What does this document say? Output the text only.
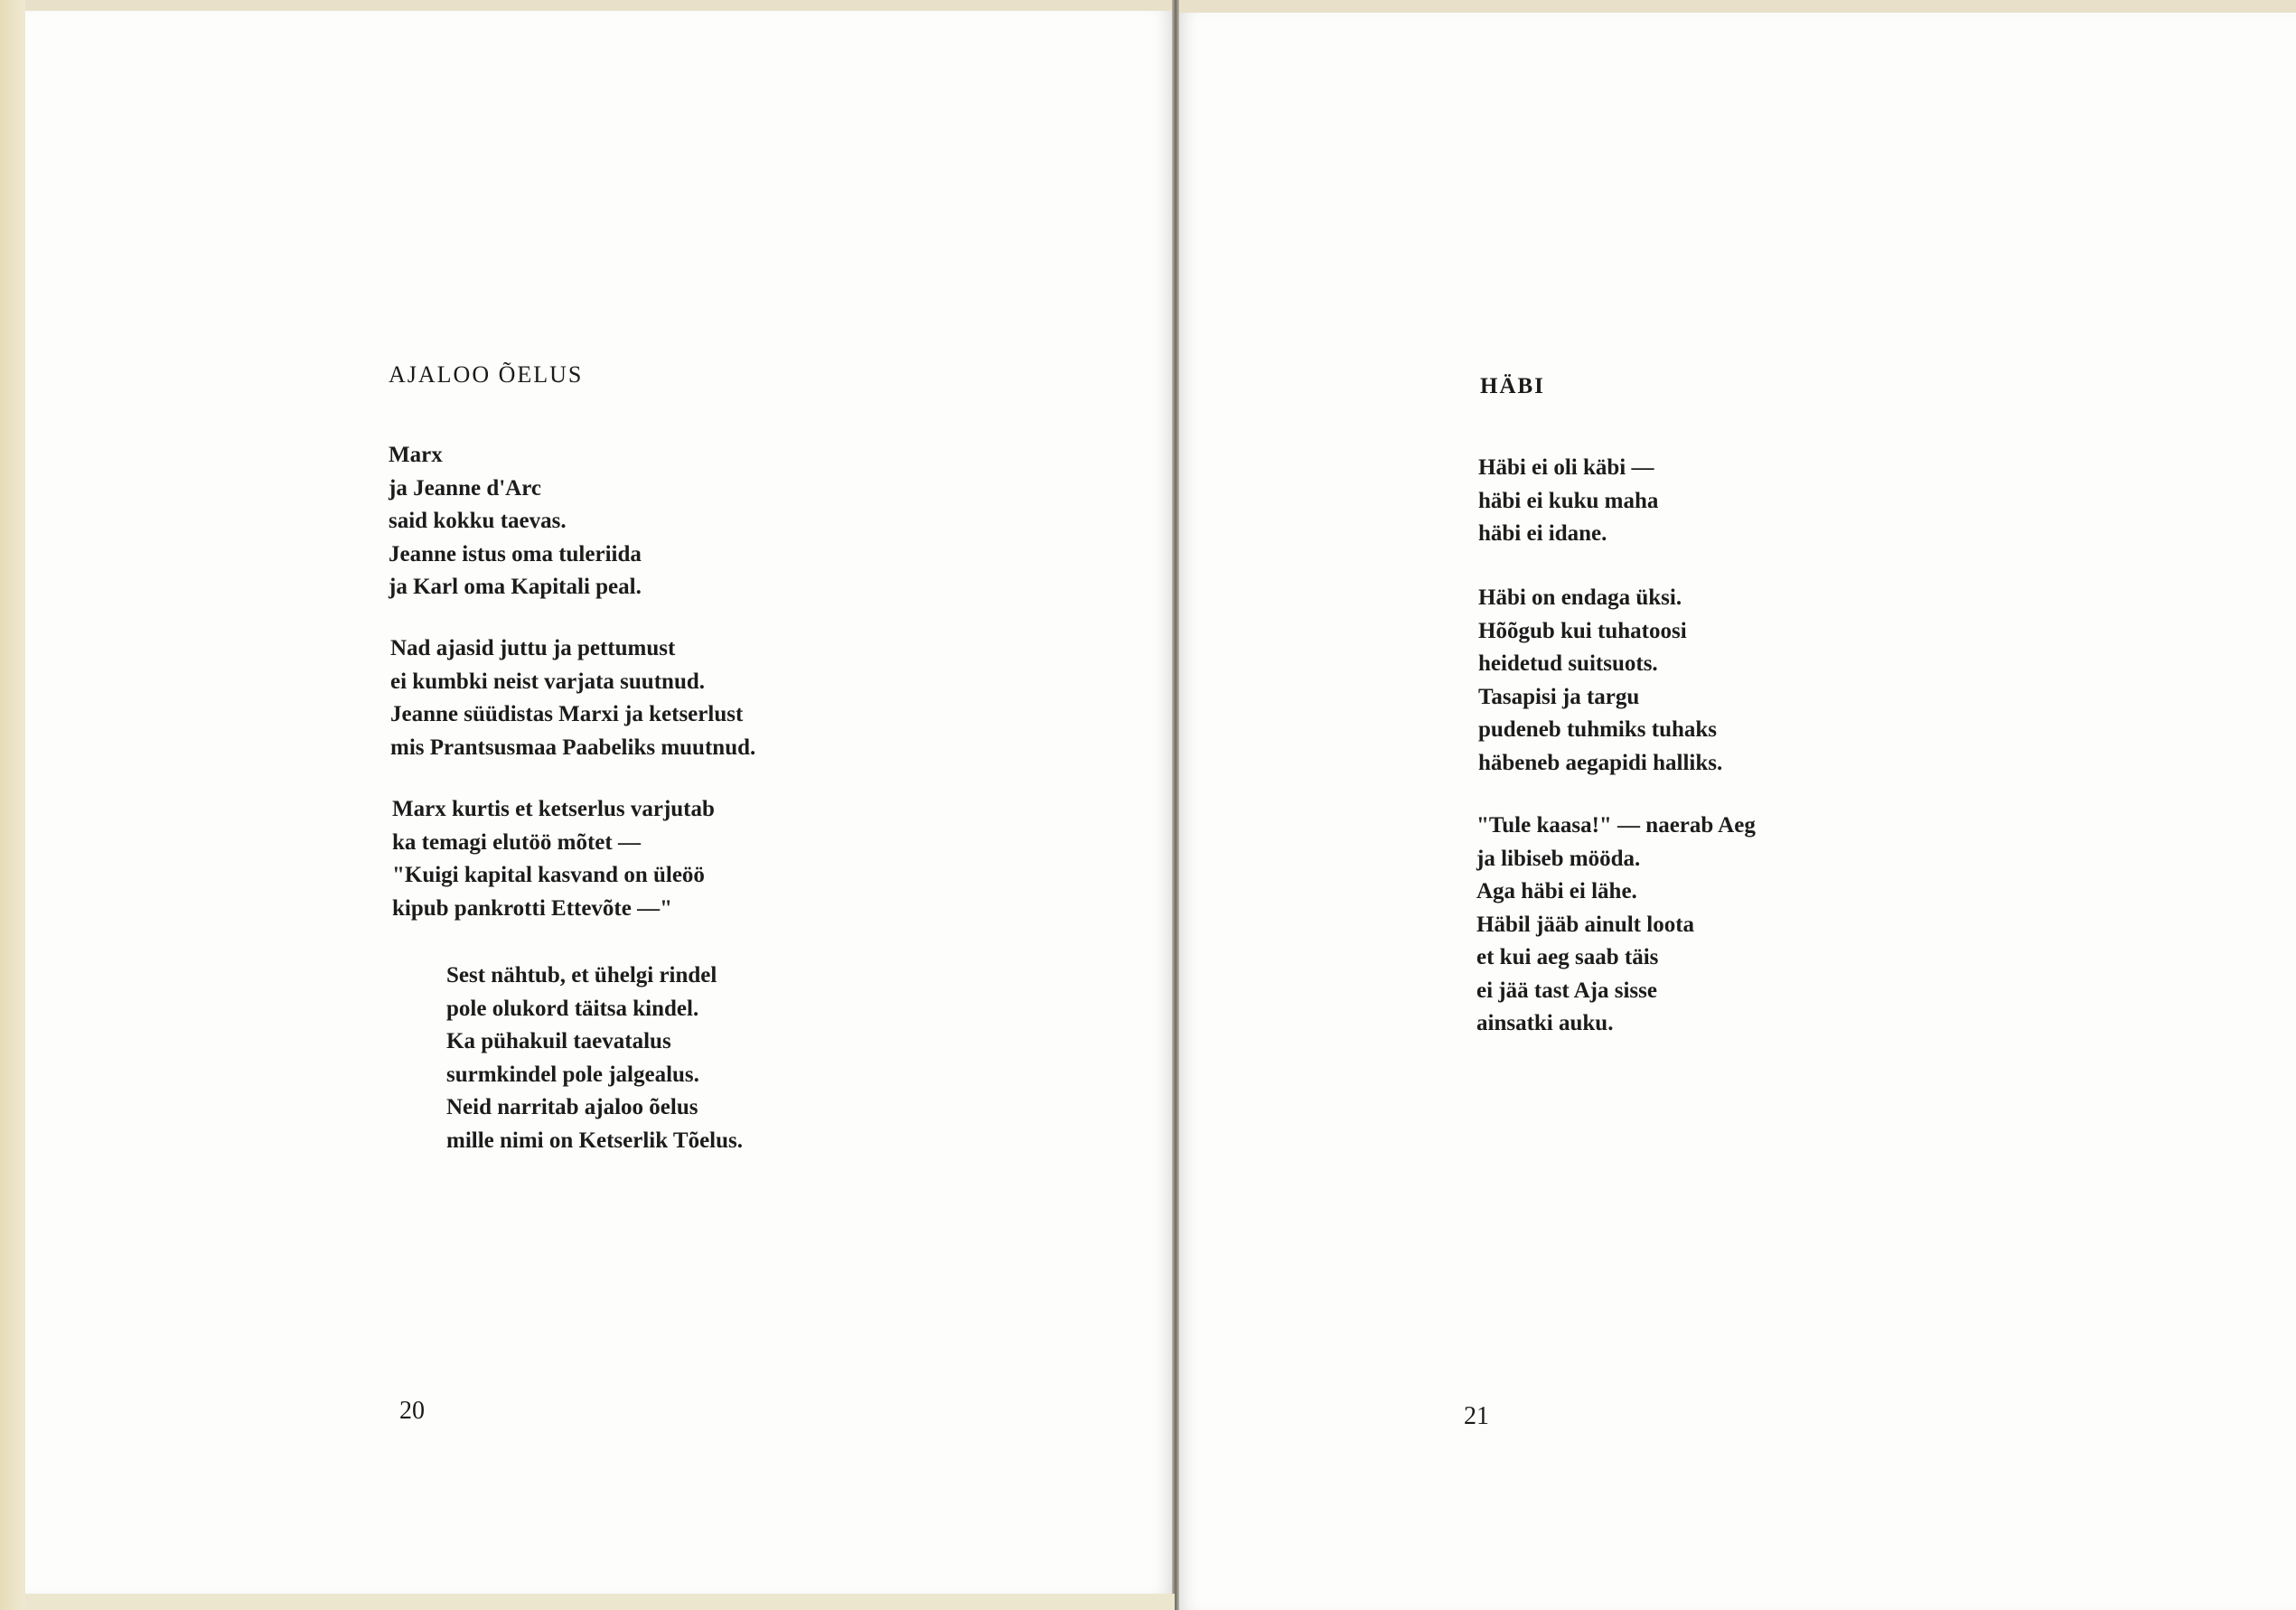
AJALOO ÕELUS
Marx
ja Jeanne d'Arc
said kokku taevas.
Jeanne istus oma tuleriida
ja Karl oma Kapitali peal.
Nad ajasid juttu ja pettumust
ei kumbki neist varjata suutnud.
Jeanne süüdistas Marxi ja ketserlust
mis Prantsusmaa Paabeliks muutnud.
Marx kurtis et ketserlus varjutab
ka temagi elutöö mõtet —
"Kuigi kapital kasvand on üleöö
kipub pankrotti Ettevõte —"
Sest nähtub, et ühelgi rindel
pole olukord täitsa kindel.
Ka pühakuil taevatalus
surmkindel pole jalgealus.
Neid narritab ajaloo õelus
mille nimi on Ketserlik Tõelus.
20
HÄBI
Häbi ei oli käbi —
häbi ei kuku maha
häbi ei idane.
Häbi on endaga üksi.
Hõõgub kui tuhatoosi
heidetud suitsuots.
Tasapisi ja targu
pudeneb tuhmiks tuhaks
häbeneb aegapidi halliks.
"Tule kaasa!" — naerab Aeg
ja libiseb mööda.
Aga häbi ei lähe.
Häbil jääb ainult loota
et kui aeg saab täis
ei jää tast Aja sisse
ainsatki auku.
21
